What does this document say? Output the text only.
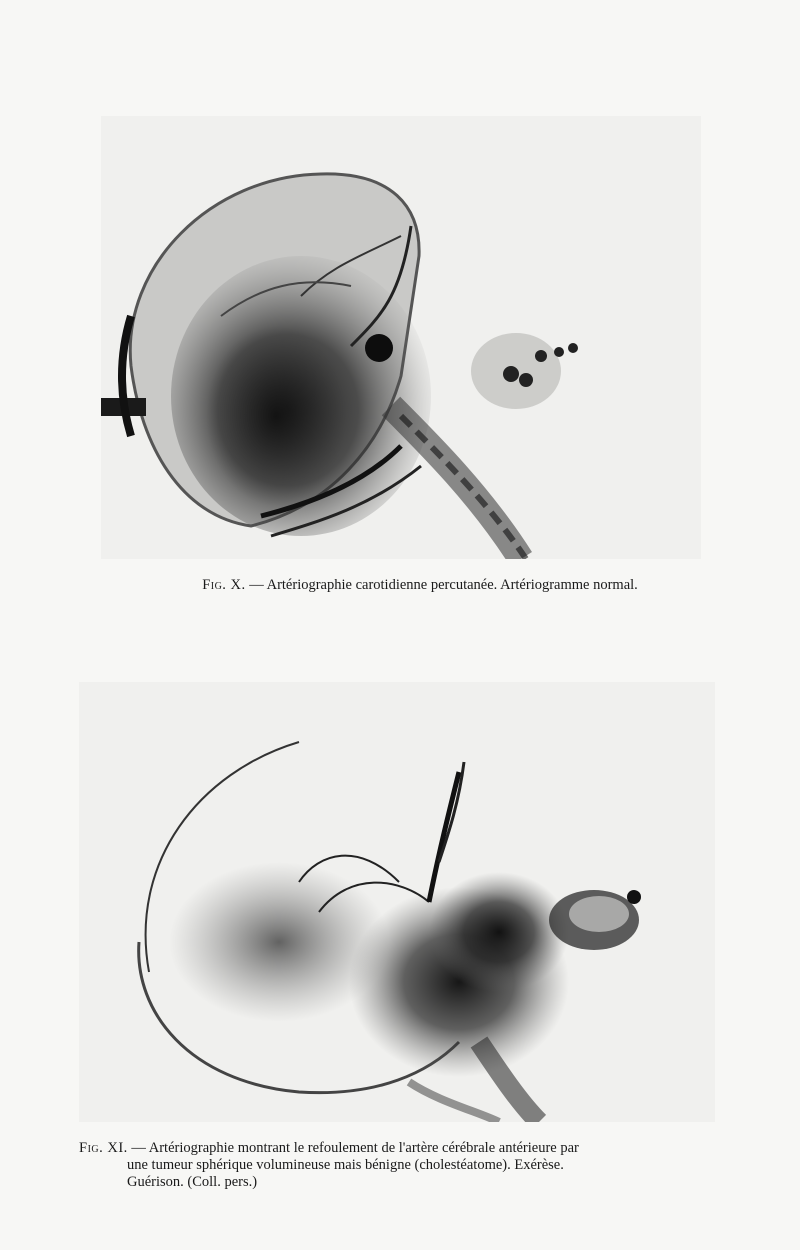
Fig. X. — Artériographie carotidienne percutanée. Artériogramme normal.
Fig. XI. — Artériographie montrant le refoulement de l'artère cérébrale antérieure par
une tumeur sphérique volumineuse mais bénigne (cholestéatome). Exérèse.
Guérison. (Coll. pers.)
